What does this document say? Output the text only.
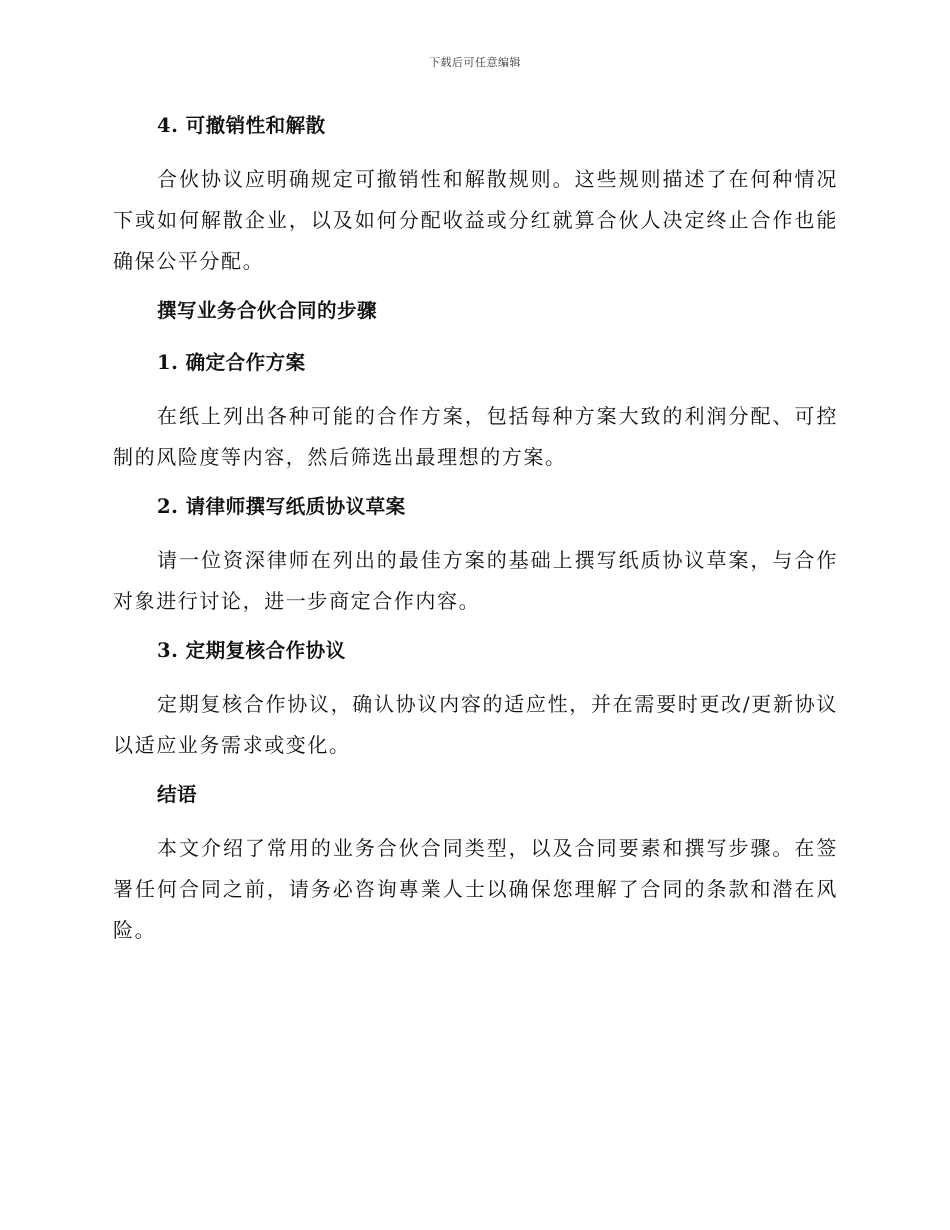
下载后可任意编辑

4. 可撤销性和解散

合伙协议应明确规定可撤销性和解散规则。这些规则描述了在何种情况下或如何解散企业，以及如何分配收益或分红就算合伙人决定终止合作也能确保公平分配。

撰写业务合伙合同的步骤

1. 确定合作方案

在纸上列出各种可能的合作方案，包括每种方案大致的利润分配、可控制的风险度等内容，然后筛选出最理想的方案。

2. 请律师撰写纸质协议草案

请一位资深律师在列出的最佳方案的基础上撰写纸质协议草案，与合作对象进行讨论，进一步商定合作内容。

3. 定期复核合作协议

定期复核合作协议，确认协议内容的适应性，并在需要时更改/更新协议以适应业务需求或变化。

结语

本文介绍了常用的业务合伙合同类型，以及合同要素和撰写步骤。在签署任何合同之前，请务必咨询專業人士以确保您理解了合同的条款和潜在风险。
